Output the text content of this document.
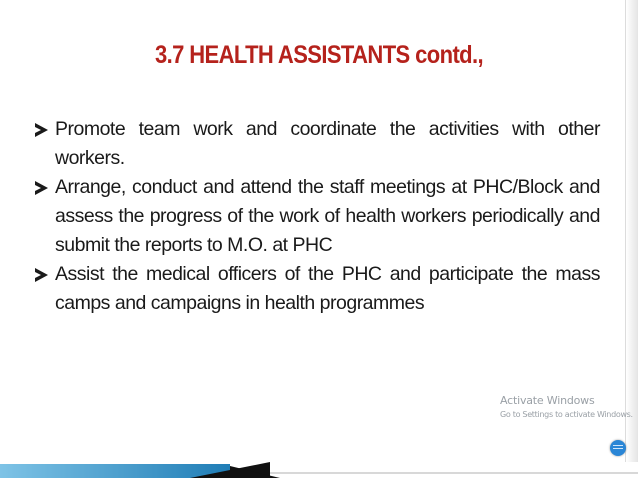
3.7 HEALTH ASSISTANTS contd.,
Promote team work and coordinate the activities with other workers.
Arrange, conduct and attend the staff meetings at PHC/Block and assess the progress of the work of health workers periodically and submit the reports to M.O. at PHC
Assist the medical officers of the PHC and participate the mass camps and campaigns in health programmes
Activate Windows
Go to Settings to activate Windows.
